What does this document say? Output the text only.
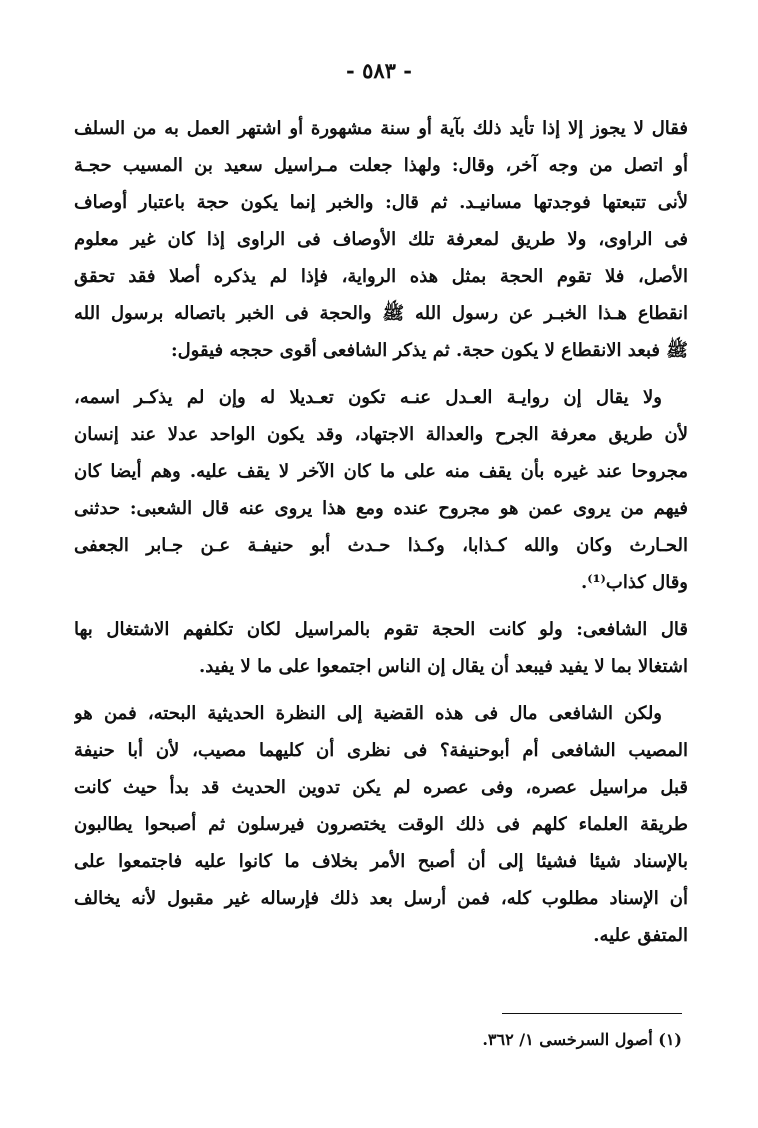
- ٥٨٣ -
فقال لا يجوز إلا إذا تأيد ذلك بآية أو سنة مشهورة أو اشتهر العمل به من السلف
أو اتصل من وجه آخر، وقال: ولهذا جعلت مـراسيل سعيد بن المسيب حجـة
لأنى تتبعتها فوجدتها مسانيـد. ثم قال: والخبر إنما يكون حجة باعتبار أوصاف
فى الراوى، ولا طريق لمعرفة تلك الأوصاف فى الراوى إذا كان غير معلوم
الأصل، فلا تقوم الحجة بمثل هذه الرواية، فإذا لم يذكره أصلا فقد تحقق
انقطاع هـذا الخبـر عن رسول الله ﷺ والحجة فى الخبر باتصاله برسول الله
ﷺ فبعد الانقطاع لا يكون حجة. ثم يذكر الشافعى أقوى حججه فيقول:
ولا يقال إن روايـة العـدل عنـه تكون تعـديلا له وإن لم يذكـر اسمه،
لأن طريق معرفة الجرح والعدالة الاجتهاد، وقد يكون الواحد عدلا عند إنسان
مجروحا عند غيره بأن يقف منه على ما كان الآخر لا يقف عليه. وهم أيضا كان
فيهم من يروى عمن هو مجروح عنده ومع هذا يروى عنه قال الشعبى: حدثنى
الحـارث وكان والله كـذابا، وكـذا حـدث أبو حنيفـة عـن جـابر الجعفى
وقال كذاب⁽¹⁾.
قال الشافعى: ولو كانت الحجة تقوم بالمراسيل لكان تكلفهم الاشتغال بها
اشتغالا بما لا يفيد فيبعد أن يقال إن الناس اجتمعوا على ما لا يفيد.
ولكن الشافعى مال فى هذه القضية إلى النظرة الحديثية البحته، فمن هو
المصيب الشافعى أم أبوحنيفة؟ فى نظرى أن كليهما مصيب، لأن أبا حنيفة
قبل مراسيل عصره، وفى عصره لم يكن تدوين الحديث قد بدأ حيث كانت
طريقة العلماء كلهم فى ذلك الوقت يختصرون فيرسلون ثم أصبحوا يطالبون
بالإسناد شيئا فشيئا إلى أن أصبح الأمر بخلاف ما كانوا عليه فاجتمعوا على
أن الإسناد مطلوب كله، فمن أرسل بعد ذلك فإرساله غير مقبول لأنه يخالف
المتفق عليه.
(١) أصول السرخسى ١/ ٣٦٢.
